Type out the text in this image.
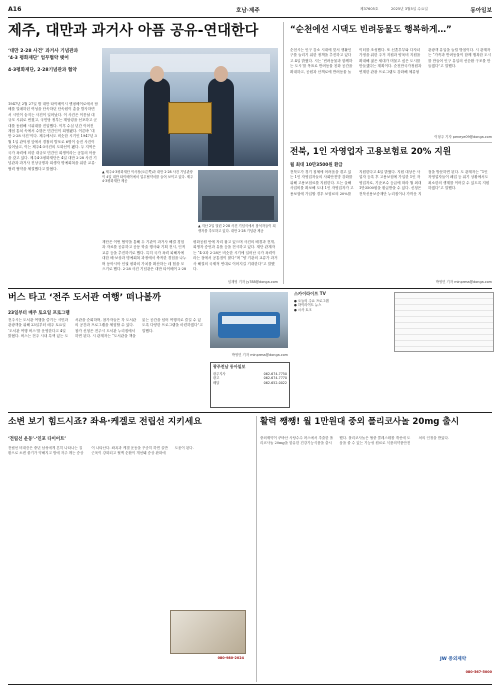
A16	호남·제주	제37605호	2025년 3월5일 수요일	동아일보
제주, 대만과 과거사 아픔 공유-연대한다

‘대만 2·28 사건’ 과거사 기념관과

‘4·3 평화재단’ 업무협약 맺어

4·3평화재단, 2·28기념관과 협약

1947년 2월 27일 밤 대만 타이베이시 옌핑베이로에서 담배를 밀매하던 여성을 단속하던 단속원이 총을 발사하면서 시민이 숨지는 사건이 일어났다. 이 사건은 이튿날 대규모 시위로 번졌고, 국민당 정부는 계엄령을 선포하고 군대를 동원해 시위대를 진압했다. 이후 수십 년간 이어진 계엄 통치 속에서 수많은 민간인이 희생됐다. 이른바 ‘대만 2·28 사건’이다. 제주에서도 비슷한 시기인 1947년 3월 1일 관덕정 앞에서 경찰의 발포로 6명이 숨진 사건이 일어났고, 이는 제주4·3사건의 도화선이 됐다. 두 지역은 국가 폭력에 의한 대규모 민간인 희생이라는 공통의 아픔을 갖고 있다. 제주4·3평화재단은 4일 대만 2·28 사건 기념관과 과거사 진상규명과 희생자 명예회복을 위한 교류·협력 협약을 체결했다고 밝혔다.

▲ 제주4·3평화재단 이사장(오른쪽)과 대만 2·28 사건 기념관장이 4일 대만 타이베이에서 업무협약서를 들어 보이고 있다. 제주4·3평화재단 제공

▲ 지난 2일 열린 2·28 사건 기념식에서 참석자들이 희생자를 추모하고 있다. 대만 2·28 기념관 제공

재단은 이번 협약을 통해 두 기관이 과거사 해결 경험과 자료를 공유하고 공동 학술 행사와 기획 전시, 인적 교류 등을 추진하기로 했다. 특히 국가 폭력 피해자에 대한 배·보상과 명예회복 과정에서 축적한 경험을 나누며 동아시아 인권 평화의 가치를 확산하는 데 힘을 모으기로 했다. 2·28 사건 기념관은 대만 타이베이 2·28 평화공원 안에 자리 잡고 있으며 사건의 배경과 전개, 희생자 증언과 유품 등을 전시하고 있다. 재단 관계자는 “4·3과 2·28은 비슷한 시기에 일어난 국가 폭력이라는 점에서 공통점이 많다”며 “양 기관의 교류가 과거사 해결의 국제적 연대로 이어지길 기대한다”고 말했다.

임재영 기자 jy788@donga.com

“순천에선 시댁도 빈려동물도 행복하게…”

순천시는 인구 감소 시대에 맞서 생활인구를 늘리기 위한 정책을 추진하고 있다고 4일 밝혔다. 시는 ‘빈려동물과 함께하는 도시’를 목표로 반려동물 친화 공간을 확대하고, 공원과 산책로에 반려동물 놀이터를 조성했다. 또 신혼부부와 다자녀 가정을 위한 주거 지원과 양육비 지원을 확대해 젊은 세대가 머물고 싶은 도시를 만들겠다는 계획이다. 순천만국가정원과 연계한 관광 프로그램도 강화해 체류형 관광객 유입을 늘릴 방침이다. 시 관계자는 “가족과 반려동물이 함께 행복한 도시를 만들어 인구 유입의 선순환 구조를 만들겠다”고 말했다.

이형주 기자 peneye09@donga.com

전북, 1인 자영업자 고용보험료 20% 지원

월 최대 10만3500원 환급

전북도가 경기 침체에 어려움을 겪고 있는 1인 자영업자들의 사회안전망 강화를 위해 고용보험료를 지원한다. 도는 올해 사업비를 확보해 도내 1인 자영업자가 고용보험에 가입할 경우 보험료의 20%를 지원한다고 4일 밝혔다. 지원 대상은 사업자 등록 후 고용보험에 가입한 1인 자영업자로, 기준보수 등급에 따라 월 최대 1만3500원을 환급받을 수 있다. 신청은 전북신용보증재단 누리집이나 가까운 지점을 방문하면 된다. 도 관계자는 “1인 자영업자들이 폐업 등 위기 상황에서도 최소한의 생계를 이어갈 수 있도록 지원하겠다”고 말했다.

박영민 기자 minpress@donga.com

버스 타고 ‘전주 도서관 여행’ 떠나볼까

23일부터 매주 토요일 프로그램

전주시는 도서관 여행을 즐기는 시민과 관광객을 위해 23일부터 매주 토요일 ‘도서관 여행 버스’를 운영한다고 4일 밝혔다. 버스는 전주 시내 특색 있는 도서관을 순회하며, 참가자들은 각 도서관의 공간과 프로그램을 체험할 수 있다. 참가 신청은 전주시 도서관 누리집에서 하면 된다. 시 관계자는 “도서관을 책을 읽는 공간을 넘어 여행지로 즐길 수 있도록 다양한 프로그램을 마련하겠다”고 말했다.

박영민 기자 minpress@donga.com

광주전남 동아일보

광주지사	062-674-7750

광고	062-674-7770

배달	062-652-0022

스카이라이프 TV

● 오늘의 주요 프로그램

● 하이라이트 뉴스

● 시사 토크

소변 보기 힘드시죠? 좌욕·케겔로 전립선 지키세요

‘전립선 운동’·‘인포 다이어트’

전립선 비대증은 중년 남성에게 흔히 나타나는 질환으로 소변 줄기가 약해지고 밤에 자주 깨는 증상이 나타난다. 좌욕과 케겔 운동을 꾸준히 하면 골반 근육이 강화되고 혈액 순환이 개선돼 증상 완화에 도움이 된다.

080-980-2024

활력 쨍쨍! 월 1만원대 중외 폴리코사놀 20mg 출시

중외제약이 쿠바산 사탕수수 왁스에서 추출한 폴리코사놀 20mg을 함유한 건강기능식품을 출시했다. 폴리코사놀은 혈중 콜레스테롤 개선에 도움을 줄 수 있는 기능성 원료로 식품의약품안전처의 인정을 받았다.

080-567-5000

JW 중외제약
